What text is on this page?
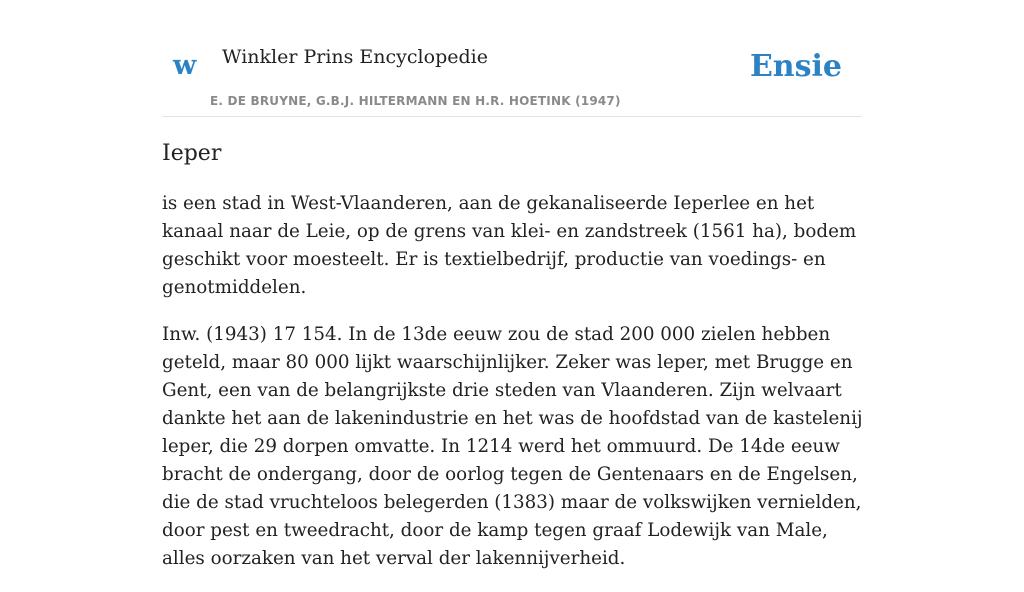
w Winkler Prins Encyclopedie
E. DE BRUYNE, G.B.J. HILTERMANN EN H.R. HOETINK (1947)
Ensie
Ieper

is een stad in West-Vlaanderen, aan de gekanaliseerde Ieperlee en het kanaal naar de Leie, op de grens van klei- en zandstreek (1561 ha), bodem geschikt voor moesteelt. Er is textielbedrijf, productie van voedings- en genotmiddelen.

Inw. (1943) 17 154. In de 13de eeuw zou de stad 200 000 zielen hebben geteld, maar 80 000 lijkt waarschijnlijker. Zeker was leper, met Brugge en Gent, een van de belangrijkste drie steden van Vlaanderen. Zijn welvaart dankte het aan de lakenindustrie en het was de hoofdstad van de kastelenij leper, die 29 dorpen omvatte. In 1214 werd het ommuurd. De 14de eeuw bracht de ondergang, door de oorlog tegen de Gentenaars en de Engelsen, die de stad vruchteloos belegerden (1383) maar de volkswijken vernielden, door pest en tweedracht, door de kamp tegen graaf Lodewijk van Male, alles oorzaken van het verval der lakennijverheid.
